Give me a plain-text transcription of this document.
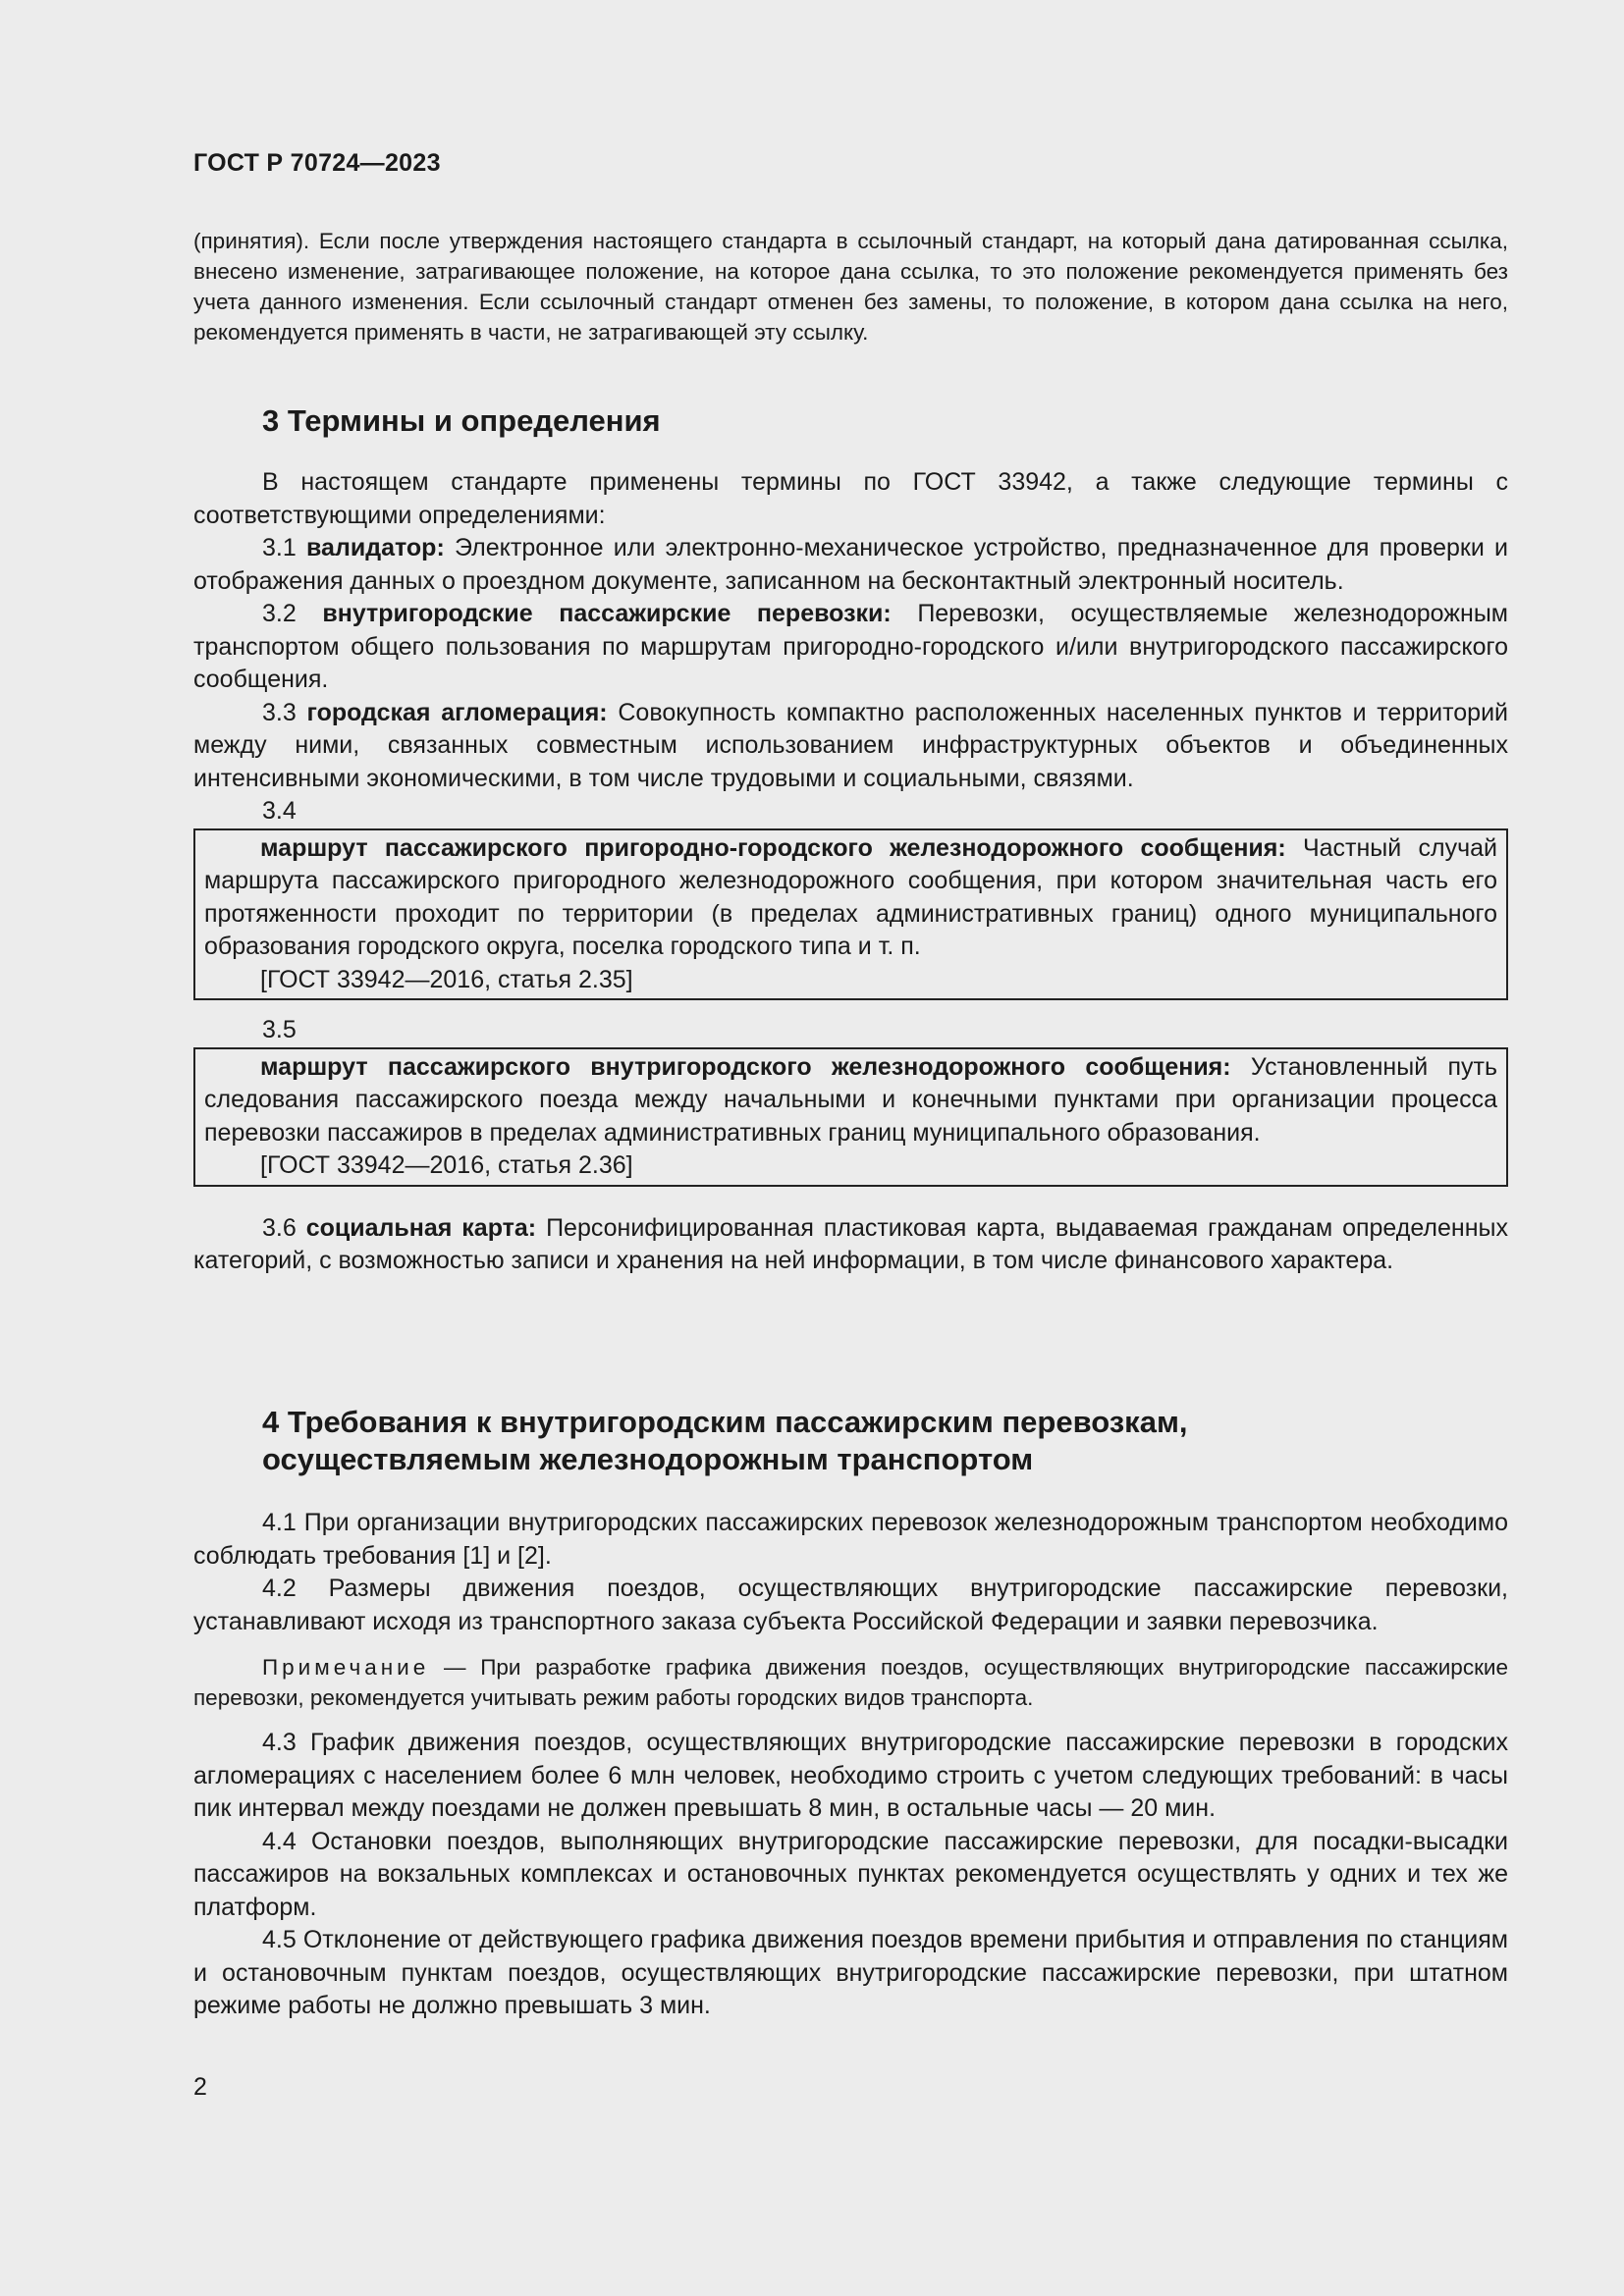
ГОСТ Р 70724—2023

(принятия). Если после утверждения настоящего стандарта в ссылочный стандарт, на который дана датированная ссылка, внесено изменение, затрагивающее положение, на которое дана ссылка, то это положение рекомендуется применять без учета данного изменения. Если ссылочный стандарт отменен без замены, то положение, в котором дана ссылка на него, рекомендуется применять в части, не затрагивающей эту ссылку.

3 Термины и определения

В настоящем стандарте применены термины по ГОСТ 33942, а также следующие термины с соответствующими определениями:

3.1 валидатор: Электронное или электронно-механическое устройство, предназначенное для проверки и отображения данных о проездном документе, записанном на бесконтактный электронный носитель.

3.2 внутригородские пассажирские перевозки: Перевозки, осуществляемые железнодорожным транспортом общего пользования по маршрутам пригородно-городского и/или внутригородского пассажирского сообщения.

3.3 городская агломерация: Совокупность компактно расположенных населенных пунктов и территорий между ними, связанных совместным использованием инфраструктурных объектов и объединенных интенсивными экономическими, в том числе трудовыми и социальными, связями.

3.4

маршрут пассажирского пригородно-городского железнодорожного сообщения: Частный случай маршрута пассажирского пригородного железнодорожного сообщения, при котором значительная часть его протяженности проходит по территории (в пределах административных границ) одного муниципального образования городского округа, поселка городского типа и т. п.

[ГОСТ 33942—2016, статья 2.35]

3.5

маршрут пассажирского внутригородского железнодорожного сообщения: Установленный путь следования пассажирского поезда между начальными и конечными пунктами при организации процесса перевозки пассажиров в пределах административных границ муниципального образования.

[ГОСТ 33942—2016, статья 2.36]

3.6 социальная карта: Персонифицированная пластиковая карта, выдаваемая гражданам определенных категорий, с возможностью записи и хранения на ней информации, в том числе финансового характера.

4 Требования к внутригородским пассажирским перевозкам,
осуществляемым железнодорожным транспортом

4.1 При организации внутригородских пассажирских перевозок железнодорожным транспортом необходимо соблюдать требования [1] и [2].

4.2 Размеры движения поездов, осуществляющих внутригородские пассажирские перевозки, устанавливают исходя из транспортного заказа субъекта Российской Федерации и заявки перевозчика.

Примечание — При разработке графика движения поездов, осуществляющих внутригородские пассажирские перевозки, рекомендуется учитывать режим работы городских видов транспорта.

4.3 График движения поездов, осуществляющих внутригородские пассажирские перевозки в городских агломерациях с населением более 6 млн человек, необходимо строить с учетом следующих требований: в часы пик интервал между поездами не должен превышать 8 мин, в остальные часы — 20 мин.

4.4 Остановки поездов, выполняющих внутригородские пассажирские перевозки, для посадки-высадки пассажиров на вокзальных комплексах и остановочных пунктах рекомендуется осуществлять у одних и тех же платформ.

4.5 Отклонение от действующего графика движения поездов времени прибытия и отправления по станциям и остановочным пунктам поездов, осуществляющих внутригородские пассажирские перевозки, при штатном режиме работы не должно превышать 3 мин.

2
